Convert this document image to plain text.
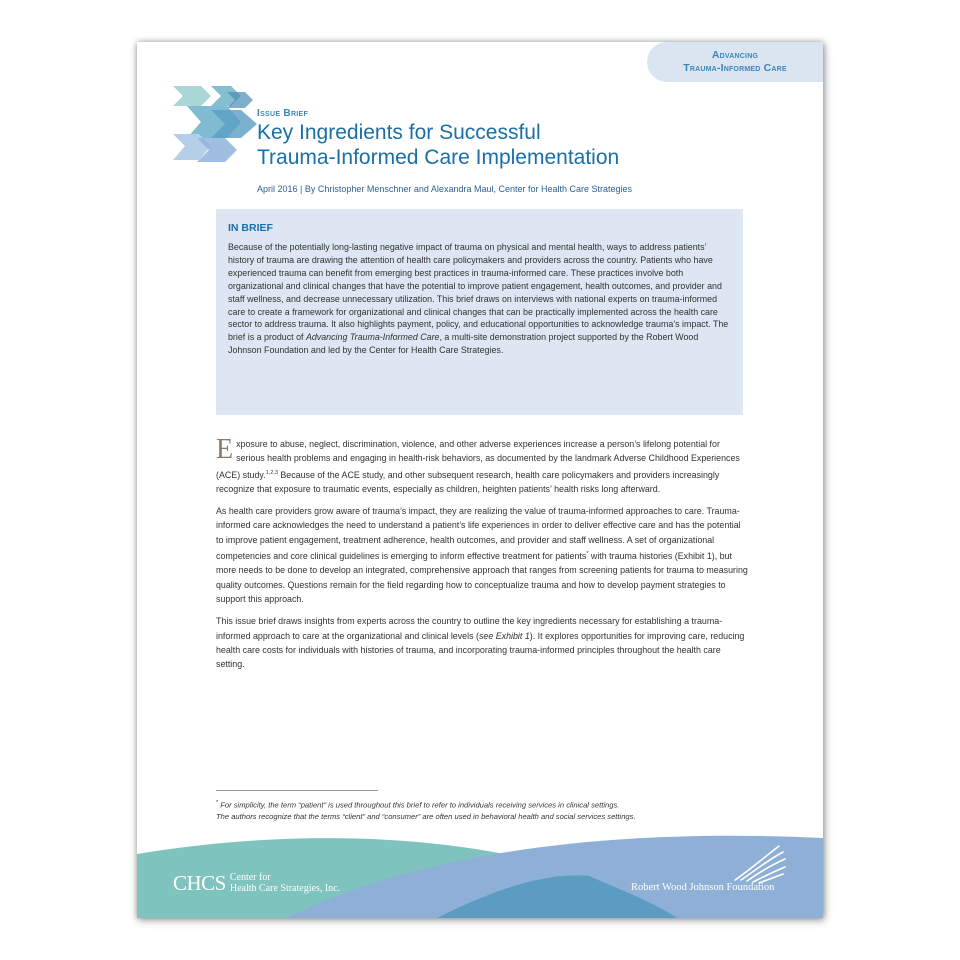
Advancing
Trauma-Informed Care
Issue Brief
Key Ingredients for Successful
Trauma-Informed Care Implementation
April 2016 | By Christopher Menschner and Alexandra Maul, Center for Health Care Strategies
IN BRIEF
Because of the potentially long-lasting negative impact of trauma on physical and mental health, ways to address patients’ history of trauma are drawing the attention of health care policymakers and providers across the country. Patients who have experienced trauma can benefit from emerging best practices in trauma-informed care. These practices involve both organizational and clinical changes that have the potential to improve patient engagement, health outcomes, and provider and staff wellness, and decrease unnecessary utilization. This brief draws on interviews with national experts on trauma-informed care to create a framework for organizational and clinical changes that can be practically implemented across the health care sector to address trauma. It also highlights payment, policy, and educational opportunities to acknowledge trauma’s impact. The brief is a product of Advancing Trauma-Informed Care, a multi-site demonstration project supported by the Robert Wood Johnson Foundation and led by the Center for Health Care Strategies.

Exposure to abuse, neglect, discrimination, violence, and other adverse experiences increase a person’s lifelong potential for serious health problems and engaging in health-risk behaviors, as documented by the landmark Adverse Childhood Experiences (ACE) study.$^{1,2,3}$ Because of the ACE study, and other subsequent research, health care policymakers and providers increasingly recognize that exposure to traumatic events, especially as children, heighten patients’ health risks long afterward.

As health care providers grow aware of trauma’s impact, they are realizing the value of trauma-informed approaches to care. Trauma-informed care acknowledges the need to understand a patient’s life experiences in order to deliver effective care and has the potential to improve patient engagement, treatment adherence, health outcomes, and provider and staff wellness. A set of organizational competencies and core clinical guidelines is emerging to inform effective treatment for patients* with trauma histories (Exhibit 1), but more needs to be done to develop an integrated, comprehensive approach that ranges from screening patients for trauma to measuring quality outcomes. Questions remain for the field regarding how to conceptualize trauma and how to develop payment strategies to support this approach.

This issue brief draws insights from experts across the country to outline the key ingredients necessary for establishing a trauma-informed approach to care at the organizational and clinical levels (see Exhibit 1). It explores opportunities for improving care, reducing health care costs for individuals with histories of trauma, and incorporating trauma-informed principles throughout the health care setting.

* For simplicity, the term “patient” is used throughout this brief to refer to individuals receiving services in clinical settings.
The authors recognize that the terms “client” and “consumer” are often used in behavioral health and social services settings.
CHCS Center for
Health Care Strategies, Inc.	Robert Wood Johnson Foundation
